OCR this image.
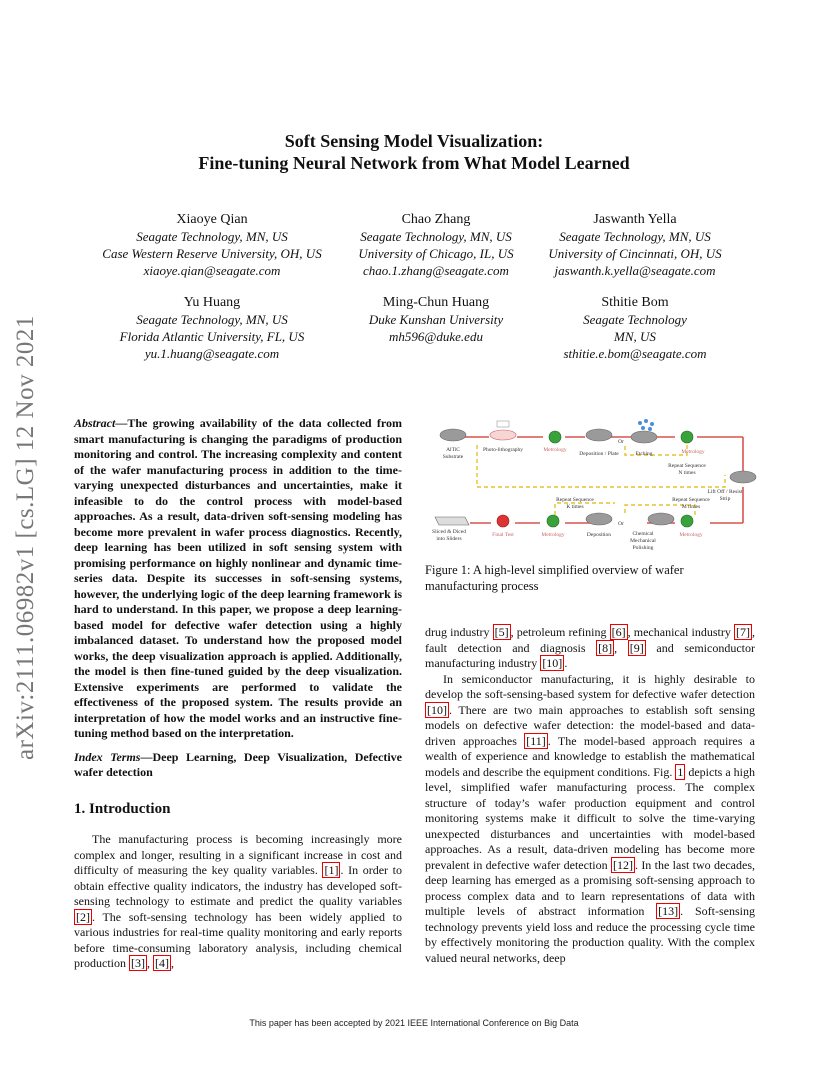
Soft Sensing Model Visualization:
Fine-tuning Neural Network from What Model Learned
Xiaoye Qian
Seagate Technology, MN, US
Case Western Reserve University, OH, US
xiaoye.qian@seagate.com
Chao Zhang
Seagate Technology, MN, US
University of Chicago, IL, US
chao.1.zhang@seagate.com
Jaswanth Yella
Seagate Technology, MN, US
University of Cincinnati, OH, US
jaswanth.k.yella@seagate.com
Yu Huang
Seagate Technology, MN, US
Florida Atlantic University, FL, US
yu.1.huang@seagate.com
Ming-Chun Huang
Duke Kunshan University
mh596@duke.edu
Sthitie Bom
Seagate Technology
MN, US
sthitie.e.bom@seagate.com
arXiv:2111.06982v1 [cs.LG] 12 Nov 2021	Abstract—The growing availability of the data collected from smart manufacturing is changing the paradigms of production monitoring and control. The increasing complexity and content of the wafer manufacturing process in addition to the time-varying unexpected disturbances and uncertainties, make it infeasible to do the control process with model-based approaches. As a result, data-driven soft-sensing modeling has become more prevalent in wafer process diagnostics. Recently, deep learning has been utilized in soft sensing system with promising performance on highly nonlinear and dynamic time-series data. Despite its successes in soft-sensing systems, however, the underlying logic of the deep learning framework is hard to understand. In this paper, we propose a deep learning-based model for defective wafer detection using a highly imbalanced dataset. To understand how the proposed model works, the deep visualization approach is applied. Additionally, the model is then fine-tuned guided by the deep visualization. Extensive experiments are performed to validate the effectiveness of the proposed system. The results provide an interpretation of how the model works and an instructive fine-tuning method based on the interpretation.
Index Terms—Deep Learning, Deep Visualization, Defective wafer detection
1. Introduction
The manufacturing process is becoming increasingly more complex and longer, resulting in a significant increase in cost and difficulty of measuring the key quality variables. [1] . In order to obtain effective quality indicators, the industry has developed soft-sensing technology to estimate and predict the quality variables [2] . The soft-sensing technology has been widely applied to various industries for real-time quality monitoring and early reports before time-consuming laboratory analysis, including chemical production [3] , [4] ,
AlTiC
Substrate
Photo-lithography	Metrology
Deposition / Plate
Or
Etching	Metrology
Repeat Sequence
N times
Lift Off / Resist
Strip
Repeat Sequence
K times
Repeat Sequence
M times
Sliced & Diced
into Sliders
Final Test	Metrology	Deposition
Or
Chemical
Mechanical
Polishing
Metrology
Figure 1: A high-level simplified overview of wafer manufacturing process
drug industry [5] , petroleum refining [6] , mechanical industry [7] , fault detection and diagnosis [8] , [9] and semiconductor manufacturing industry [10] .
In semiconductor manufacturing, it is highly desirable to develop the soft-sensing-based system for defective wafer detection [10] . There are two main approaches to establish soft sensing models on defective wafer detection: the model-based and data-driven approaches [11] . The model-based approach requires a wealth of experience and knowledge to establish the mathematical models and describe the equipment conditions. Fig. 1 depicts a high level, simplified wafer manufacturing process. The complex structure of today’s wafer production equipment and control monitoring systems make it difficult to solve the time-varying unexpected disturbances and uncertainties with model-based approaches. As a result, data-driven modeling has become more prevalent in defective wafer detection [12] . In the last two decades, deep learning has emerged as a promising soft-sensing approach to process complex data and to learn representations of data with multiple levels of abstract information [13] . Soft-sensing technology prevents yield loss and reduce the processing cycle time by effectively monitoring the production quality. With the complex valued neural networks, deep
This paper has been accepted by 2021 IEEE International Conference on Big Data
